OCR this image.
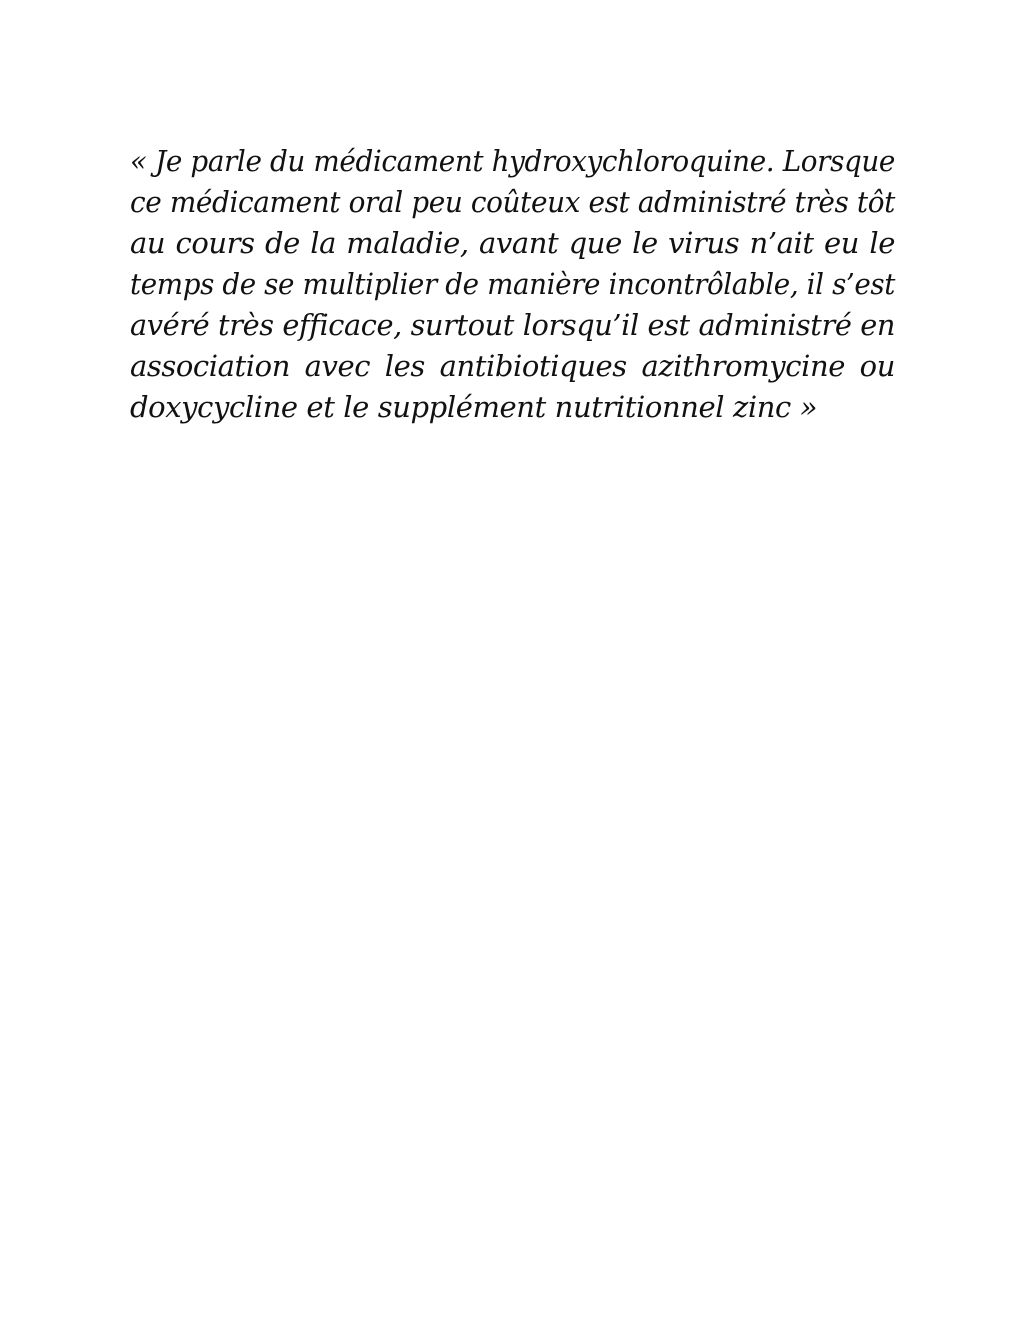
« Je parle du médicament hydroxychloroquine. Lorsque
ce médicament oral peu coûteux est administré très tôt
au cours de la maladie, avant que le virus n’ait eu le
temps de se multiplier de manière incontrôlable, il s’est
avéré très efficace, surtout lorsqu’il est administré en
association avec les antibiotiques azithromycine ou
doxycycline et le supplément nutritionnel zinc »
